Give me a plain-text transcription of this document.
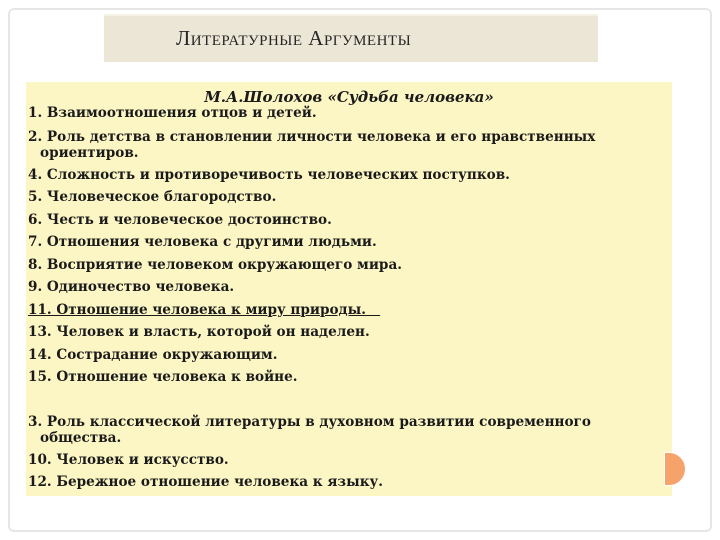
Литературные Аргументы
М.А.Шолохов «Судьба человека»
1. Взаимоотношения отцов и детей.
2. Роль детства в становлении личности человека и его нравственных
ориентиров.
4. Сложность и противоречивость человеческих поступков.
5. Человеческое благородство.
6. Честь и человеческое достоинство.
7. Отношения человека с другими людьми.
8. Восприятие человеком окружающего мира.
9. Одиночество человека.
11. Отношение человека к миру природы.
13. Человек и власть, которой он наделен.
14. Сострадание окружающим.
15. Отношение человека к войне.
3. Роль классической литературы в духовном развитии современного
общества.
10. Человек и искусство.
12. Бережное отношение человека к языку.
